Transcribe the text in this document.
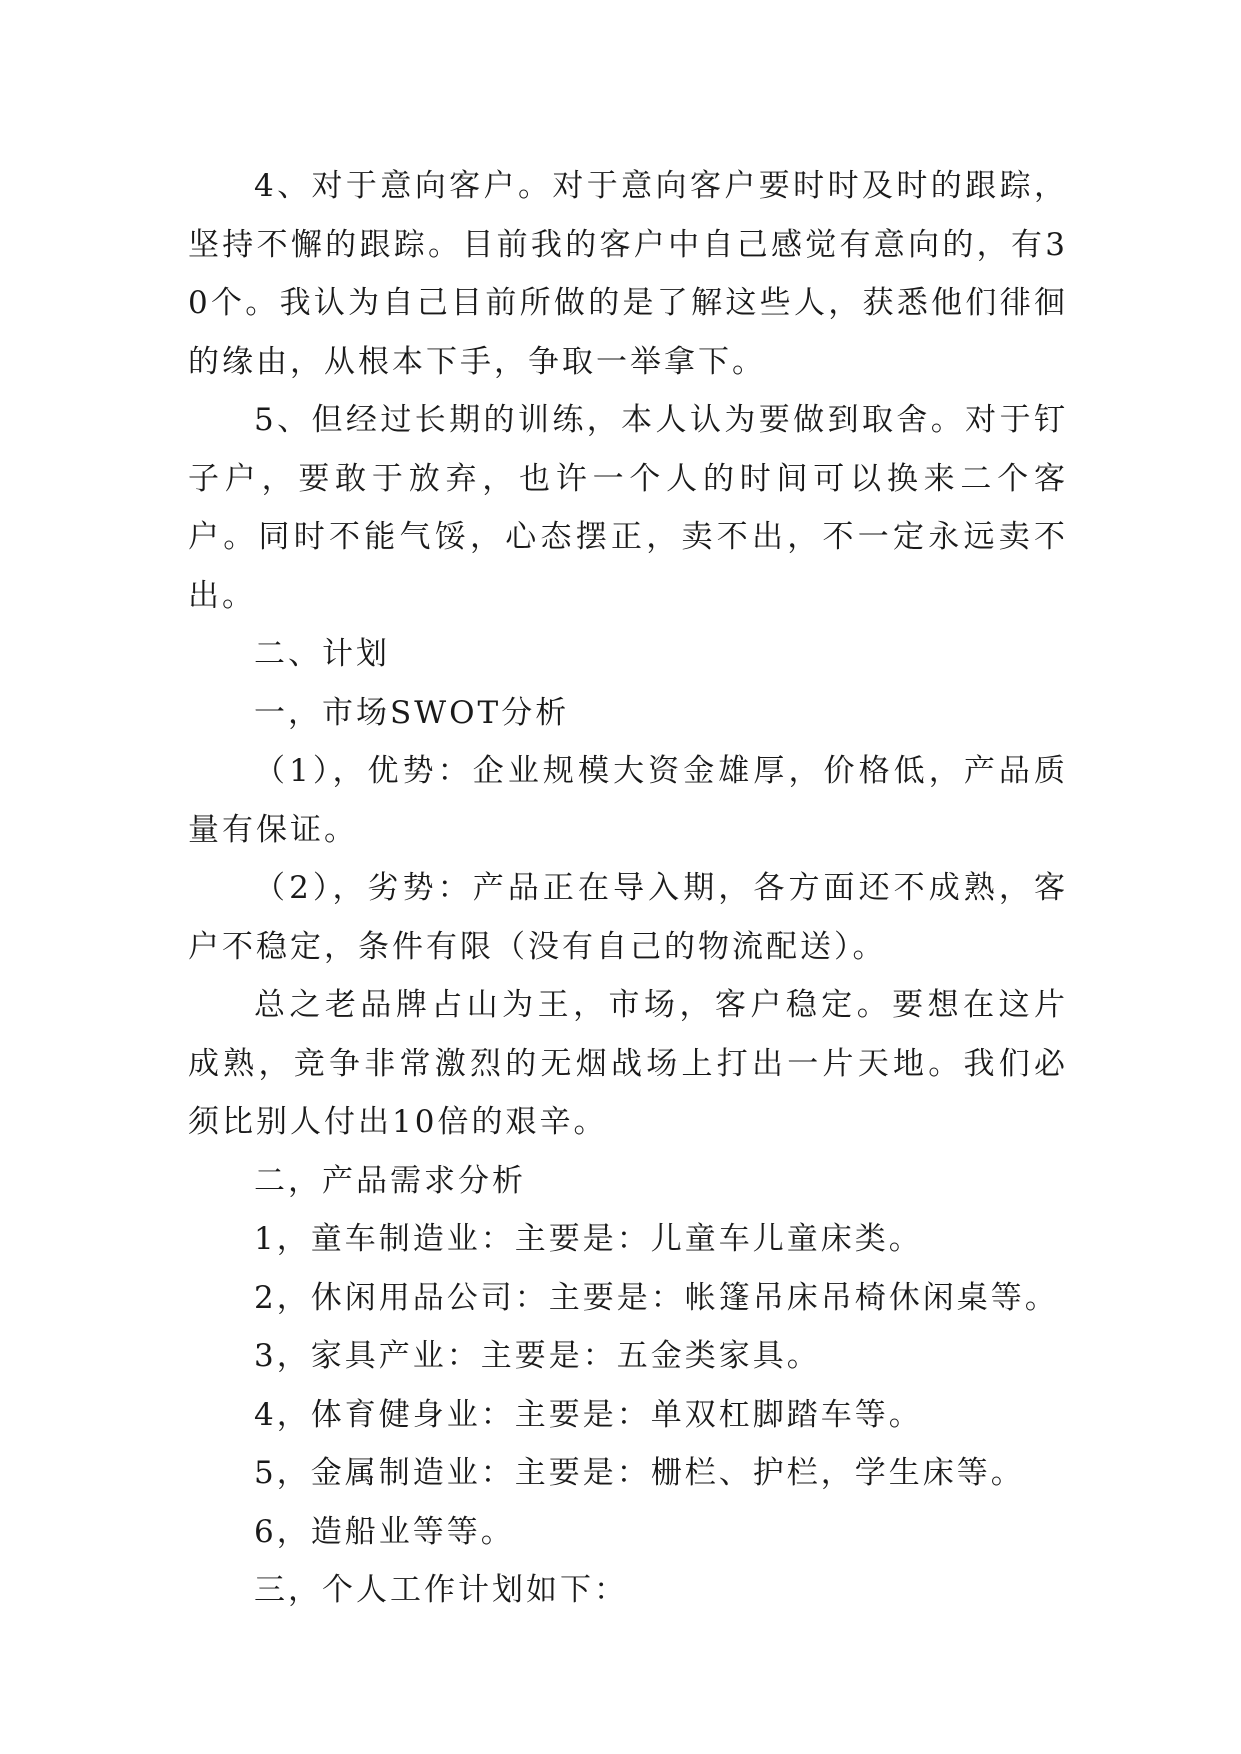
4、对于意向客户。对于意向客户要时时及时的跟踪，坚持不懈的跟踪。目前我的客户中自己感觉有意向的，有30个。我认为自己目前所做的是了解这些人，获悉他们徘徊的缘由，从根本下手，争取一举拿下。

5、但经过长期的训练，本人认为要做到取舍。对于钉子户，要敢于放弃，也许一个人的时间可以换来二个客户。同时不能气馁，心态摆正，卖不出，不一定永远卖不出。

二、计划

一，市场SWOT分析

（1），优势：企业规模大资金雄厚，价格低，产品质量有保证。

（2），劣势：产品正在导入期，各方面还不成熟，客户不稳定，条件有限（没有自己的物流配送）。

总之老品牌占山为王，市场，客户稳定。要想在这片成熟，竞争非常激烈的无烟战场上打出一片天地。我们必须比别人付出10倍的艰辛。

二，产品需求分析

1，童车制造业：主要是：儿童车儿童床类。

2，休闲用品公司：主要是：帐篷吊床吊椅休闲桌等。

3，家具产业：主要是：五金类家具。

4，体育健身业：主要是：单双杠脚踏车等。

5，金属制造业：主要是：栅栏、护栏，学生床等。

6，造船业等等。

三，个人工作计划如下：
